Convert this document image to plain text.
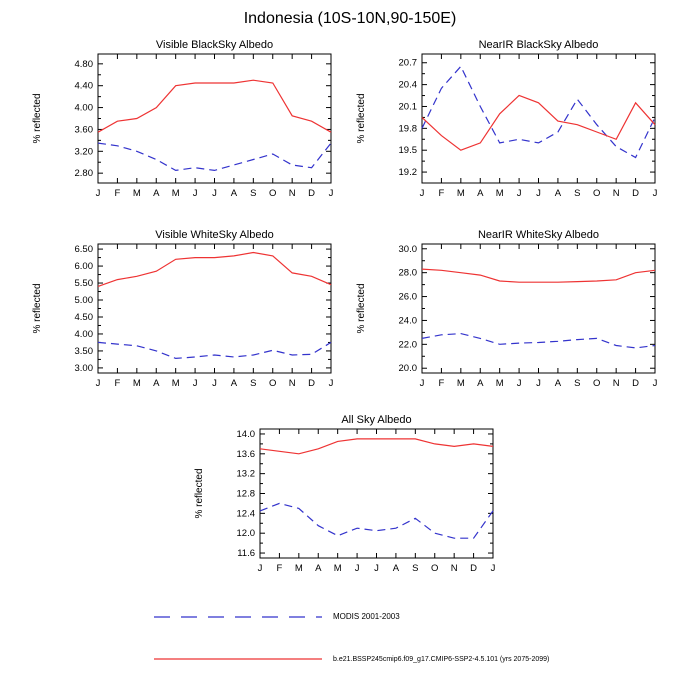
Indonesia (10S-10N,90-150E)
Visible BlackSky Albedo
% reflected
2.80
3.20
3.60
4.00
4.40
4.80
J F M A M J J A S O N D J
NearIR BlackSky Albedo
% reflected
19.2
19.5
19.8
20.1
20.4
20.7
J F M A M J J A S O N D J
Visible WhiteSky Albedo
% reflected
3.00
3.50
4.00
4.50
5.00
5.50
6.00
6.50
J F M A M J J A S O N D J
NearIR WhiteSky Albedo
% reflected
20.0
22.0
24.0
26.0
28.0
30.0
J F M A M J J A S O N D J
All Sky Albedo
% reflected
11.6
12.0
12.4
12.8
13.2
13.6
14.0
J F M A M J J A S O N D J
MODIS 2001-2003
b.e21.BSSP245cmip6.f09_g17.CMIP6-SSP2-4.5.101 (yrs 2075-2099)
